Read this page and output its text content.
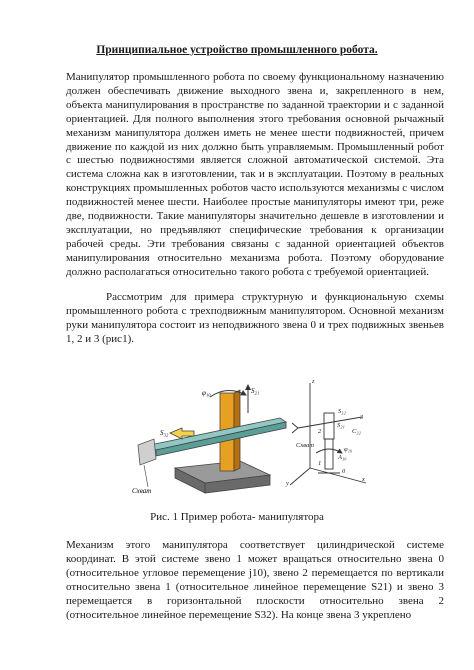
Принципиальное устройство промышленного робота.

Манипулятор промышленного робота по своему функциональному назначению должен обеспечивать движение выходного звена и, закрепленного в нем, объекта манипулирования в пространстве по заданной траектории и с заданной ориентацией. Для полного выполнения этого требования основной рычажный механизм манипулятора должен иметь не менее шести подвижностей, причем движение по каждой из них должно быть управляемым. Промышленный робот с шестью подвижностями является сложной автоматической системой. Эта система сложна как в изготовлении, так и в эксплуатации. Поэтому в реальных конструкциях промышленных роботов часто используются механизмы с числом подвижностей менее шести. Наиболее простые манипуляторы имеют три, реже две, подвижности. Такие манипуляторы значительно дешевле в изготовлении и эксплуатации, но предъявляют специфические требования к организации рабочей среды. Эти требования связаны с заданной ориентацией объектов манипулирования относительно механизма робота. Поэтому оборудование должно располагаться относительно такого робота с требуемой ориентацией.

Рассмотрим для примера структурную и функциональную схемы промышленного робота с трехподвижным манипулятором. Основной механизм руки манипулятора состоит из неподвижного звена 0 и трех подвижных звеньев 1, 2 и 3 (рис1).

φ₁₀	S₂₁
S₃₂
Cхват
z
x
y
S₃₂
C₃₂
S₂₁
A₁₀
φ₁₀
Cхват
3
2
1
0
Рис. 1 Пример робота- манипулятора

Механизм этого манипулятора соответствует цилиндрической системе координат. В этой системе звено 1 может вращаться относительно звена 0 (относительное угловое перемещение j10), звено 2 перемещается по вертикали относительно звена 1 (относительное линейное перемещение S21) и звено 3 перемещается в горизонтальной плоскости относительно звена 2 (относительное линейное перемещение S32). На конце звена 3 укреплено
